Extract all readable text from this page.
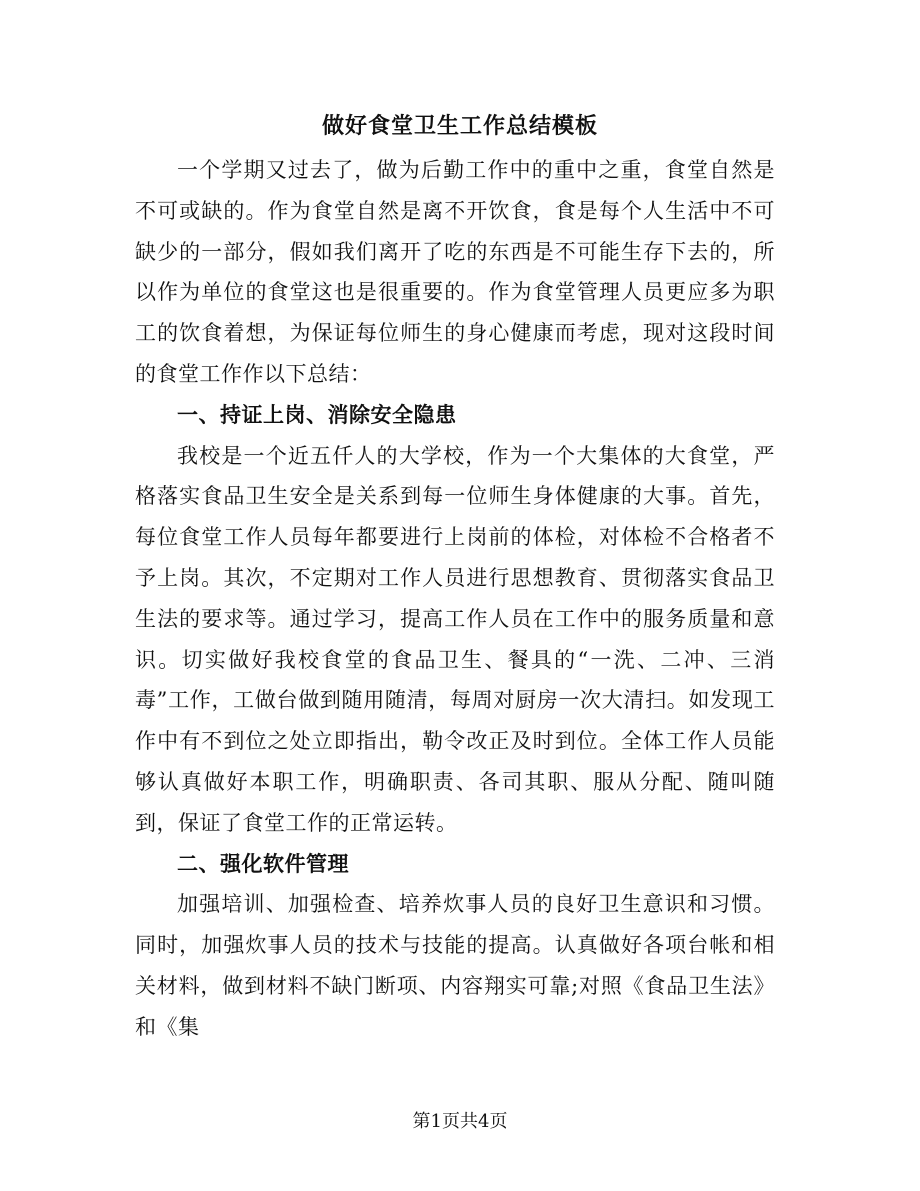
做好食堂卫生工作总结模板

一个学期又过去了，做为后勤工作中的重中之重，食堂自然是不可或缺的。作为食堂自然是离不开饮食，食是每个人生活中不可缺少的一部分，假如我们离开了吃的东西是不可能生存下去的，所以作为单位的食堂这也是很重要的。作为食堂管理人员更应多为职工的饮食着想，为保证每位师生的身心健康而考虑，现对这段时间的食堂工作作以下总结：

一、持证上岗、消除安全隐患

我校是一个近五仟人的大学校，作为一个大集体的大食堂，严格落实食品卫生安全是关系到每一位师生身体健康的大事。首先，每位食堂工作人员每年都要进行上岗前的体检，对体检不合格者不予上岗。其次，不定期对工作人员进行思想教育、贯彻落实食品卫生法的要求等。通过学习，提高工作人员在工作中的服务质量和意识。切实做好我校食堂的食品卫生、餐具的“一洗、二冲、三消毒”工作，工做台做到随用随清，每周对厨房一次大清扫。如发现工作中有不到位之处立即指出，勒令改正及时到位。全体工作人员能够认真做好本职工作，明确职责、各司其职、服从分配、随叫随到，保证了食堂工作的正常运转。

二、强化软件管理

加强培训、加强检查、培养炊事人员的良好卫生意识和习惯。同时，加强炊事人员的技术与技能的提高。认真做好各项台帐和相关材料，做到材料不缺门断项、内容翔实可靠;对照《食品卫生法》和《集

第1页共4页
